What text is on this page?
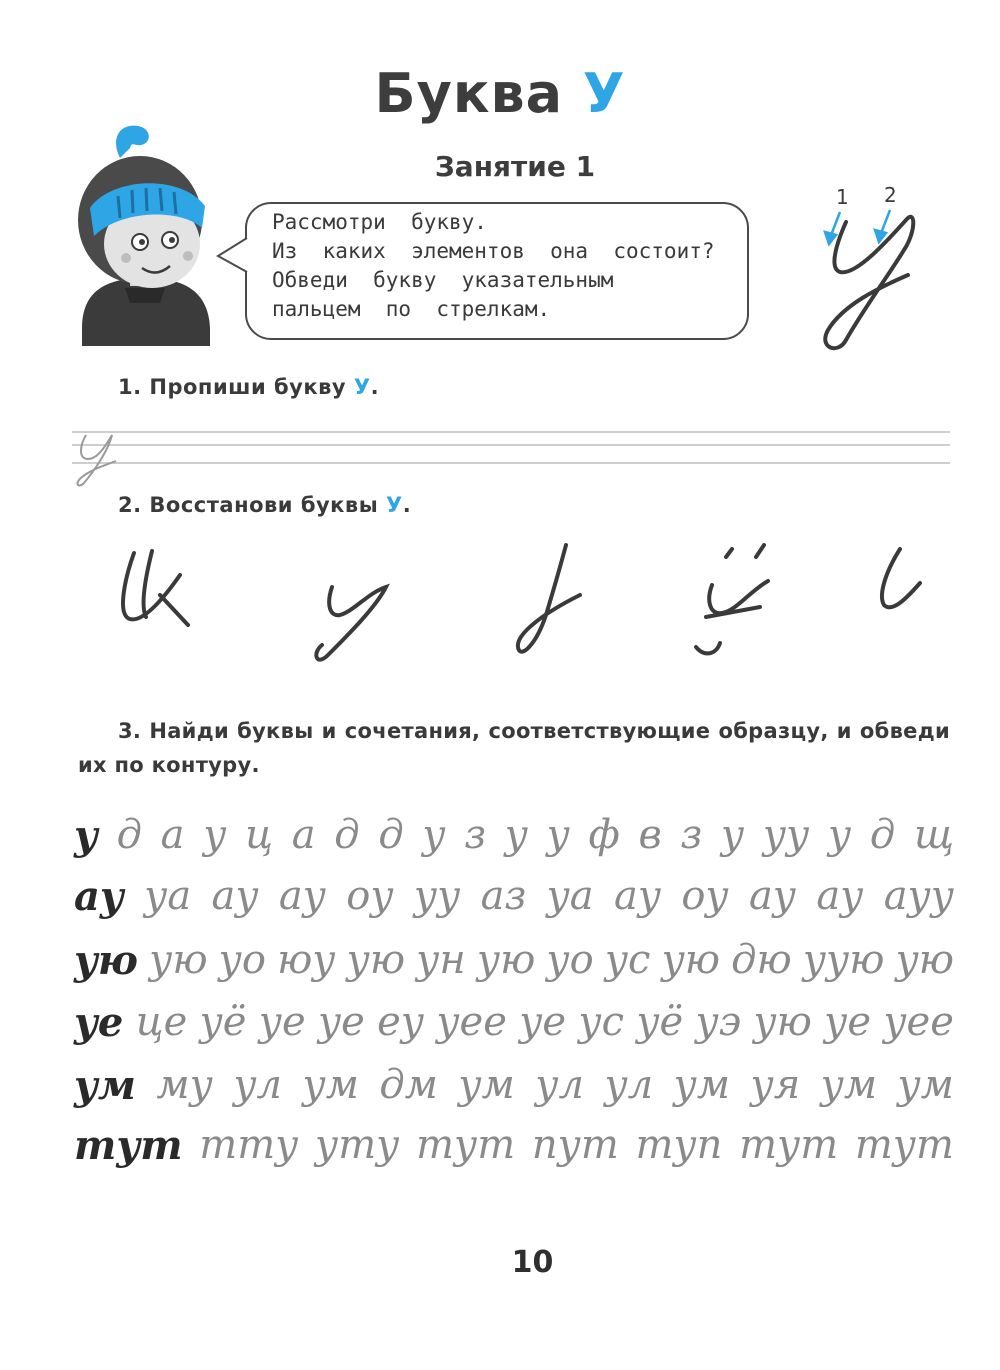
Буква У
Занятие 1
Рассмотри  букву.
Из  каких  элементов  она  состоит?
Обведи  букву  указательным
пальцем  по  стрелкам.
1 2
1. Пропиши букву У.
2. Восстанови буквы У.
3. Найди буквы и сочетания, соответствующие образцу, и обведи их по контуру.
у д а у ц а д д у з у у ф в з у уу у д щ
ау уа ау ау оу уу аз уа ау оу ау ау ауу
ую ую уо юу ую ун ую уо ус ую дю уую ую
уе це уё уе уе еу уее уе ус уё уэ ую уе уее
ум му ул ум дм ум ул ул ум уя ум ум
тут тту уту тут пут туп тут тут
10
